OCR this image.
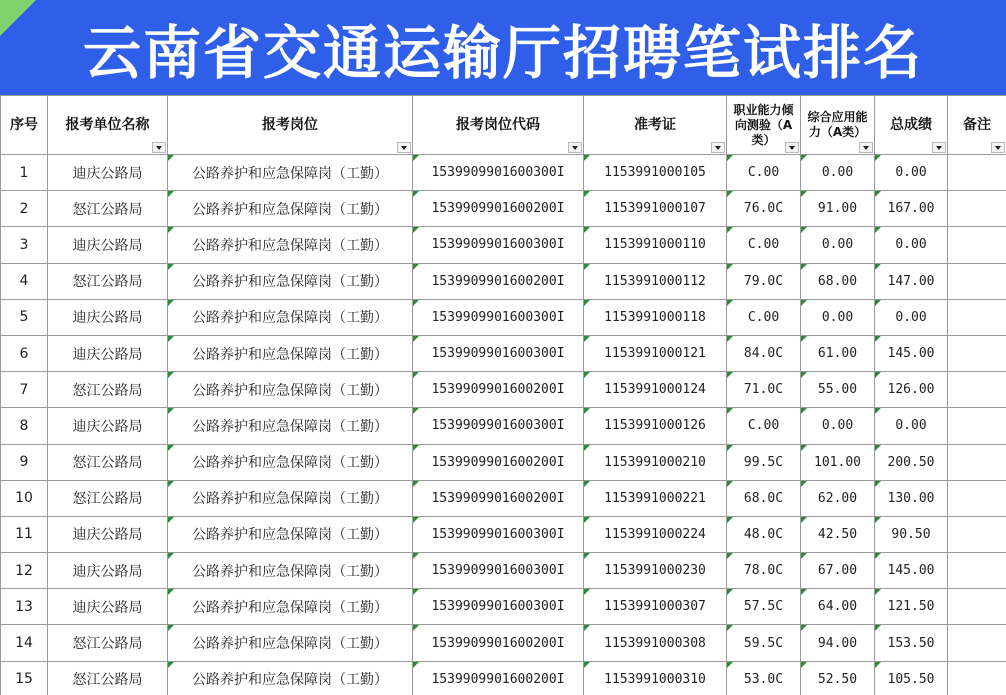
云南省交通运输厅招聘笔试排名
序号	报考单位名称	报考岗位	报考岗位代码	准考证	职业能力倾向测验（A类）	综合应用能力（A类）	总成绩	备注

1	迪庆公路局	公路养护和应急保障岗（工勤）	1539909901600300I	1153991000105	C.00	0.00	0.00

2	怒江公路局	公路养护和应急保障岗（工勤）	1539909901600200I	1153991000107	76.0C	91.00	167.00

3	迪庆公路局	公路养护和应急保障岗（工勤）	1539909901600300I	1153991000110	C.00	0.00	0.00

4	怒江公路局	公路养护和应急保障岗（工勤）	1539909901600200I	1153991000112	79.0C	68.00	147.00

5	迪庆公路局	公路养护和应急保障岗（工勤）	1539909901600300I	1153991000118	C.00	0.00	0.00

6	迪庆公路局	公路养护和应急保障岗（工勤）	1539909901600300I	1153991000121	84.0C	61.00	145.00

7	怒江公路局	公路养护和应急保障岗（工勤）	1539909901600200I	1153991000124	71.0C	55.00	126.00

8	迪庆公路局	公路养护和应急保障岗（工勤）	1539909901600300I	1153991000126	C.00	0.00	0.00

9	怒江公路局	公路养护和应急保障岗（工勤）	1539909901600200I	1153991000210	99.5C	101.00	200.50

10	怒江公路局	公路养护和应急保障岗（工勤）	1539909901600200I	1153991000221	68.0C	62.00	130.00

11	迪庆公路局	公路养护和应急保障岗（工勤）	1539909901600300I	1153991000224	48.0C	42.50	90.50

12	迪庆公路局	公路养护和应急保障岗（工勤）	1539909901600300I	1153991000230	78.0C	67.00	145.00

13	迪庆公路局	公路养护和应急保障岗（工勤）	1539909901600300I	1153991000307	57.5C	64.00	121.50

14	怒江公路局	公路养护和应急保障岗（工勤）	1539909901600200I	1153991000308	59.5C	94.00	153.50

15	怒江公路局	公路养护和应急保障岗（工勤）	1539909901600200I	1153991000310	53.0C	52.50	105.50
